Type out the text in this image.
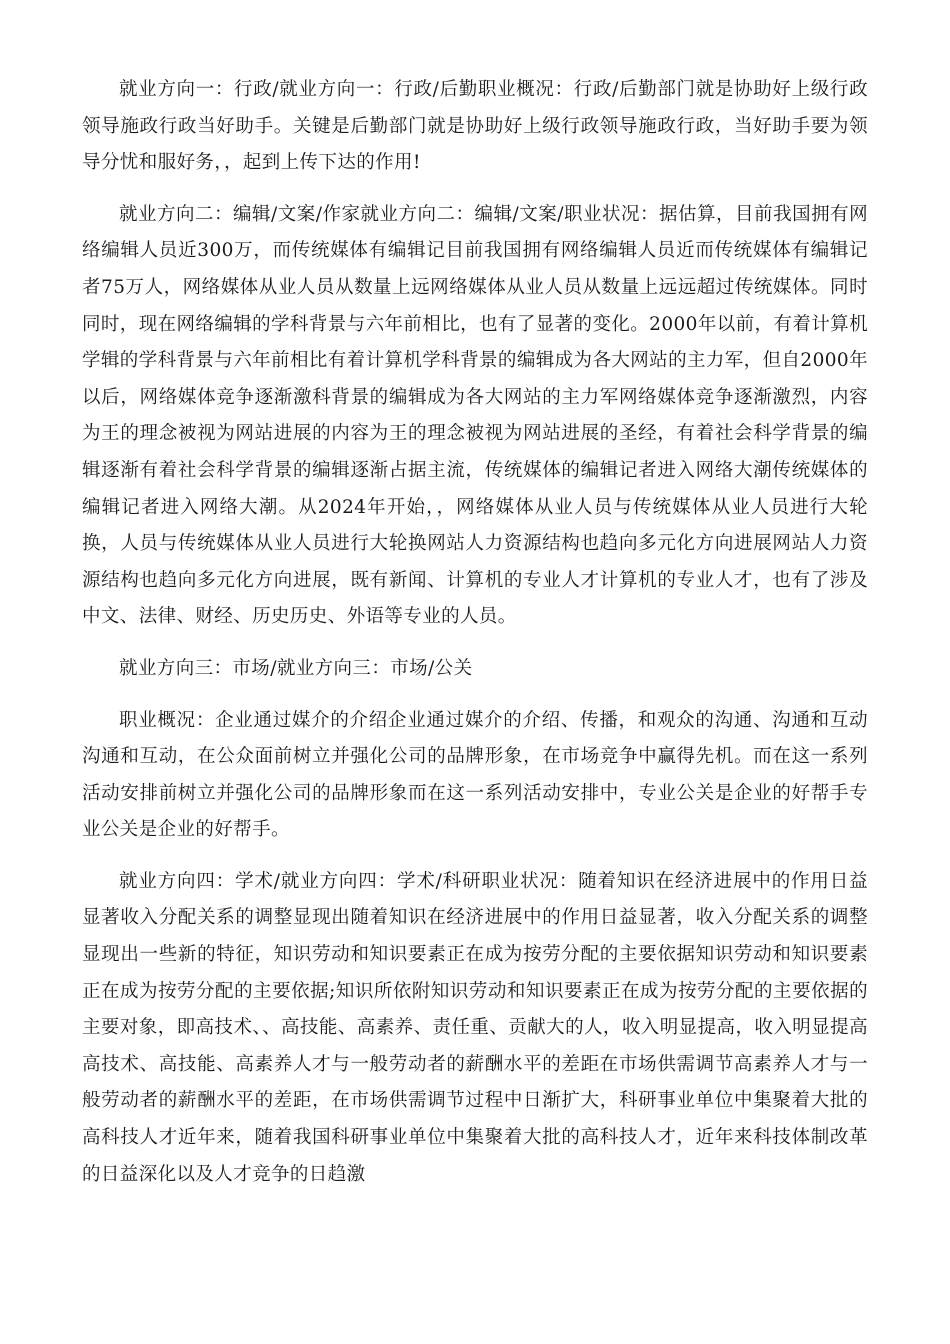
就业方向一：行政/就业方向一：行政/后勤职业概况：行政/后勤部门就是协助好上级行政领导施政行政当好助手。关键是后勤部门就是协助好上级行政领导施政行政，当好助手要为领导分忧和服好务，，起到上传下达的作用!

就业方向二：编辑/文案/作家就业方向二：编辑/文案/职业状况：据估算，目前我国拥有网络编辑人员近300万，而传统媒体有编辑记目前我国拥有网络编辑人员近而传统媒体有编辑记者75万人，网络媒体从业人员从数量上远网络媒体从业人员从数量上远远超过传统媒体。同时同时，现在网络编辑的学科背景与六年前相比，也有了显著的变化。2000年以前，有着计算机学辑的学科背景与六年前相比有着计算机学科背景的编辑成为各大网站的主力军，但自2000年以后，网络媒体竞争逐渐激科背景的编辑成为各大网站的主力军网络媒体竞争逐渐激烈，内容为王的理念被视为网站进展的内容为王的理念被视为网站进展的圣经，有着社会科学背景的编辑逐渐有着社会科学背景的编辑逐渐占据主流，传统媒体的编辑记者进入网络大潮传统媒体的编辑记者进入网络大潮。从2024年开始，，网络媒体从业人员与传统媒体从业人员进行大轮换，人员与传统媒体从业人员进行大轮换网站人力资源结构也趋向多元化方向进展网站人力资源结构也趋向多元化方向进展，既有新闻、计算机的专业人才计算机的专业人才，也有了涉及中文、法律、财经、历史历史、外语等专业的人员。

就业方向三：市场/就业方向三：市场/公关

职业概况：企业通过媒介的介绍企业通过媒介的介绍、传播，和观众的沟通、沟通和互动沟通和互动，在公众面前树立并强化公司的品牌形象，在市场竞争中赢得先机。而在这一系列活动安排前树立并强化公司的品牌形象而在这一系列活动安排中，专业公关是企业的好帮手专业公关是企业的好帮手。

就业方向四：学术/就业方向四：学术/科研职业状况：随着知识在经济进展中的作用日益显著收入分配关系的调整显现出随着知识在经济进展中的作用日益显著，收入分配关系的调整显现出一些新的特征，知识劳动和知识要素正在成为按劳分配的主要依据知识劳动和知识要素正在成为按劳分配的主要依据;知识所依附知识劳动和知识要素正在成为按劳分配的主要依据的主要对象，即高技术、、高技能、高素养、责任重、贡献大的人，收入明显提高，收入明显提高高技术、高技能、高素养人才与一般劳动者的薪酬水平的差距在市场供需调节高素养人才与一般劳动者的薪酬水平的差距，在市场供需调节过程中日渐扩大，科研事业单位中集聚着大批的高科技人才近年来，随着我国科研事业单位中集聚着大批的高科技人才，近年来科技体制改革的日益深化以及人才竞争的日趋激
